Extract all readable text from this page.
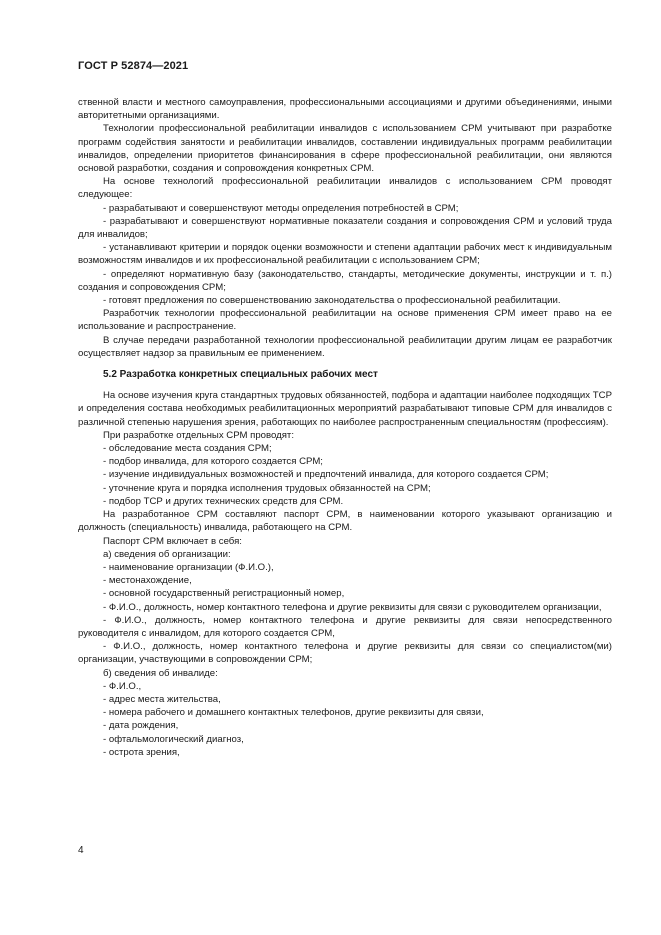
ГОСТ Р 52874—2021

ственной власти и местного самоуправления, профессиональными ассоциациями и другими объединениями, иными авторитетными организациями.

Технологии профессиональной реабилитации инвалидов с использованием СРМ учитывают при разработке программ содействия занятости и реабилитации инвалидов, составлении индивидуальных программ реабилитации инвалидов, определении приоритетов финансирования в сфере профессиональной реабилитации, они являются основой разработки, создания и сопровождения конкретных СРМ.

На основе технологий профессиональной реабилитации инвалидов с использованием СРМ проводят следующее:

- разрабатывают и совершенствуют методы определения потребностей в СРМ;

- разрабатывают и совершенствуют нормативные показатели создания и сопровождения СРМ и условий труда для инвалидов;

- устанавливают критерии и порядок оценки возможности и степени адаптации рабочих мест к индивидуальным возможностям инвалидов и их профессиональной реабилитации с использованием СРМ;

- определяют нормативную базу (законодательство, стандарты, методические документы, инструкции и т. п.) создания и сопровождения СРМ;

- готовят предложения по совершенствованию законодательства о профессиональной реабилитации.

Разработчик технологии профессиональной реабилитации на основе применения СРМ имеет право на ее использование и распространение.

В случае передачи разработанной технологии профессиональной реабилитации другим лицам ее разработчик осуществляет надзор за правильным ее применением.

5.2 Разработка конкретных специальных рабочих мест

На основе изучения круга стандартных трудовых обязанностей, подбора и адаптации наиболее подходящих ТСР и определения состава необходимых реабилитационных мероприятий разрабатывают типовые СРМ для инвалидов с различной степенью нарушения зрения, работающих по наиболее распространенным специальностям (профессиям).

При разработке отдельных СРМ проводят:

- обследование места создания СРМ;

- подбор инвалида, для которого создается СРМ;

- изучение индивидуальных возможностей и предпочтений инвалида, для которого создается СРМ;

- уточнение круга и порядка исполнения трудовых обязанностей на СРМ;

- подбор ТСР и других технических средств для СРМ.

На разработанное СРМ составляют паспорт СРМ, в наименовании которого указывают организацию и должность (специальность) инвалида, работающего на СРМ.

Паспорт СРМ включает в себя:

а) сведения об организации:

- наименование организации (Ф.И.О.),

- местонахождение,

- основной государственный регистрационный номер,

- Ф.И.О., должность, номер контактного телефона и другие реквизиты для связи с руководителем организации,

- Ф.И.О., должность, номер контактного телефона и другие реквизиты для связи непосредственного руководителя с инвалидом, для которого создается СРМ,

- Ф.И.О., должность, номер контактного телефона и другие реквизиты для связи со специалистом(ми) организации, участвующими в сопровождении СРМ;

б) сведения об инвалиде:

- Ф.И.О.,

- адрес места жительства,

- номера рабочего и домашнего контактных телефонов, другие реквизиты для связи,

- дата рождения,

- офтальмологический диагноз,

- острота зрения,

4
